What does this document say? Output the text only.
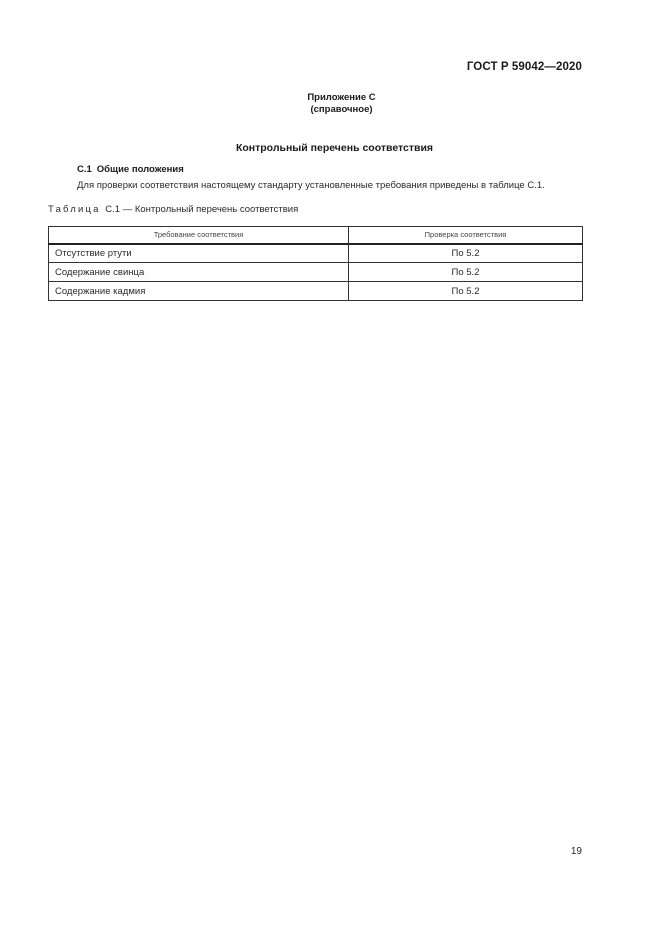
ГОСТ Р 59042—2020
Приложение С
(справочное)
Контрольный перечень соответствия
С.1 Общие положения
Для проверки соответствия настоящему стандарту установленные требования приведены в таблице С.1.
Таблица С.1 — Контрольный перечень соответствия
Требование соответствия	Проверка соответствия
Отсутствие ртути	По 5.2
Содержание свинца	По 5.2
Содержание кадмия	По 5.2
19
